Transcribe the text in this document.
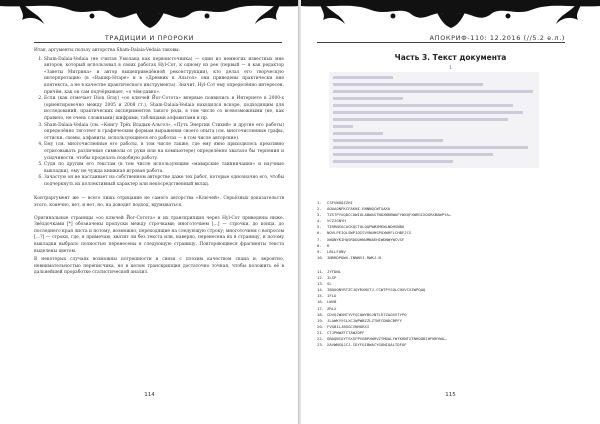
ТРАДИЦИИ И ПРОРОКИ

Итак, аргументы пользу авторства Sham-Dalaia-Vedaia таковы:

1. Sham-Dalaia-Vedaia (не считая Умолана как первоисточника) — один из немногих известных мне авторов, который использовал в своих работах Нуl-Сот, к одному из рее (первый — я как редактор «Заветы Митрина» и автор вышеприведённой реконструкции), кто делал его творческую интерпретацию (в «Вашир-Нтаре» и в «Древних к Альгол» они приведены практически вне контекста, а не в качестве практического инструмента). Значит, Нуl-Сот ему определённо интересен, причём, как он сам подчёркивает, «о чём-давно».
2. Если (как отмечает Dion Gray) «оо ключей Йог-Сотота» впервые появились в Интернете в 2000-х (ориентировочно между 2005 и 2008 гг.), Sham-Dalaia-Vedaia находился вскоре, подходящим для исследований, практических экспериментов такого рода, в том числе со всевозможными (не, как правило, не очень сложными) шифрами, таблицами алфавитами и пр.
3. Sham-Dalaia-Vedaia (см. «Книгу Трёх Владык-Альгол», «Путь Энергии Стихий» и другие его работы) определённо тяготеет к графическим формам выражения своего опыта (см. многочисленные графы, оттиски, схемы, алфавиты, использующиеся его работах — в том числе авторские).
4. Ему (см. многочисленные его работы, в том числе также, где ему явно приходилось креативно отрисовывать различные символы от руки или на компьютере) определённо хватало бы терпения и усидчивости, чтобы проделать подобную работу.
5. Судя по другим его текстам (в том числе использующим «маварские таинничания» и научные выкладки), ему не чужда книжная игровая работа.
6. Зачастую он не настаивает на собственном авторстве даже тех работ, которые однозначно его, чтобы подчеркнуть их коллективный характер или непосредственный вклад.

Контраргумент же — всего лишь отрицание не самого авторства «Ключей». Серьёзных доказательств этого, конечно, нет, и нет, но, на доводит подход, вдумываться.

Оригинальные страницы «оо ключей Йог-Сотота» и их транскрипция через Нуl-Сот приведены ниже. Звёздочками [*] обозначены пропуски между строчками; многоточием […] — строчки, до конца, до последнего края листа и потому, возможно, переходящие на следующую строку; многоточием с вопросом […?] — строки, где, я примечаю, хватит ли без текста или, наверно, перенесена их в страницу, и потому выкладки выбрало полностью перенесены в следующую страницу. Повторяющиеся фрагменты текста выделены цветом.

В некоторых случаях возможны погрешности в связи с плохим качеством скана и, вероятно, невнимательностью переписчика, но в целом транскрипция достаточно точная, чтобы положить её в дальнейшей проработке статистической анализ.

114
АПОКРИФ-110: 12.2016 (//5.2 е.л.)
Часть 3. Текст документа
1
1. CSFVWOQZZHI
2. AQUAONFKCFAKNI.ENNNQCWTXAXU
3. TZSTPYXQDCCUWIULABWASTNOXWRBWUFYWXQFXWRGCXOGRXBAWPYA…
4. VCZJGNYH
5. TIRRNSGCACKQCTOLQQPWMZMEWLNDHSNBO
6. NQVLPEIQLSWPIOISVVNUHSPOXWRFLCHBFJCS
7. XWQNYKIHQSRDOUHNUMNAEHIWDNWYWCVSF
8. H
9. LBLLFUNV
10. INRRDPOWX.INNNVJ.RWKJ.N
11. JYTDNL
12. ILSP
13. SL
14. IBQOQNYRTZCJQYRXNXTJ.CCWTPYSOLCHXVCXIWPQAQ
15. IFLU
16. LWVB
17. ZRLX
18. CDVQJWXNTYVFQCQWYBGJNTLRTZAOXVTYPQ
19. JLAWKYVSLXCJWPWBZZLZTNFCDNDCBPFY
20. FVGBILJBXGCVNHORXI
21. CTJPWWZFCTAWZOPF
22. GBAQBIOYTSXSFPVGBPXWRVZYMQALYWTKRNTXTNHOOBIHFWRYWA…
23. XAVWNSQJCJ.IDYFQIBWACYGONIQALTDFOF
115
